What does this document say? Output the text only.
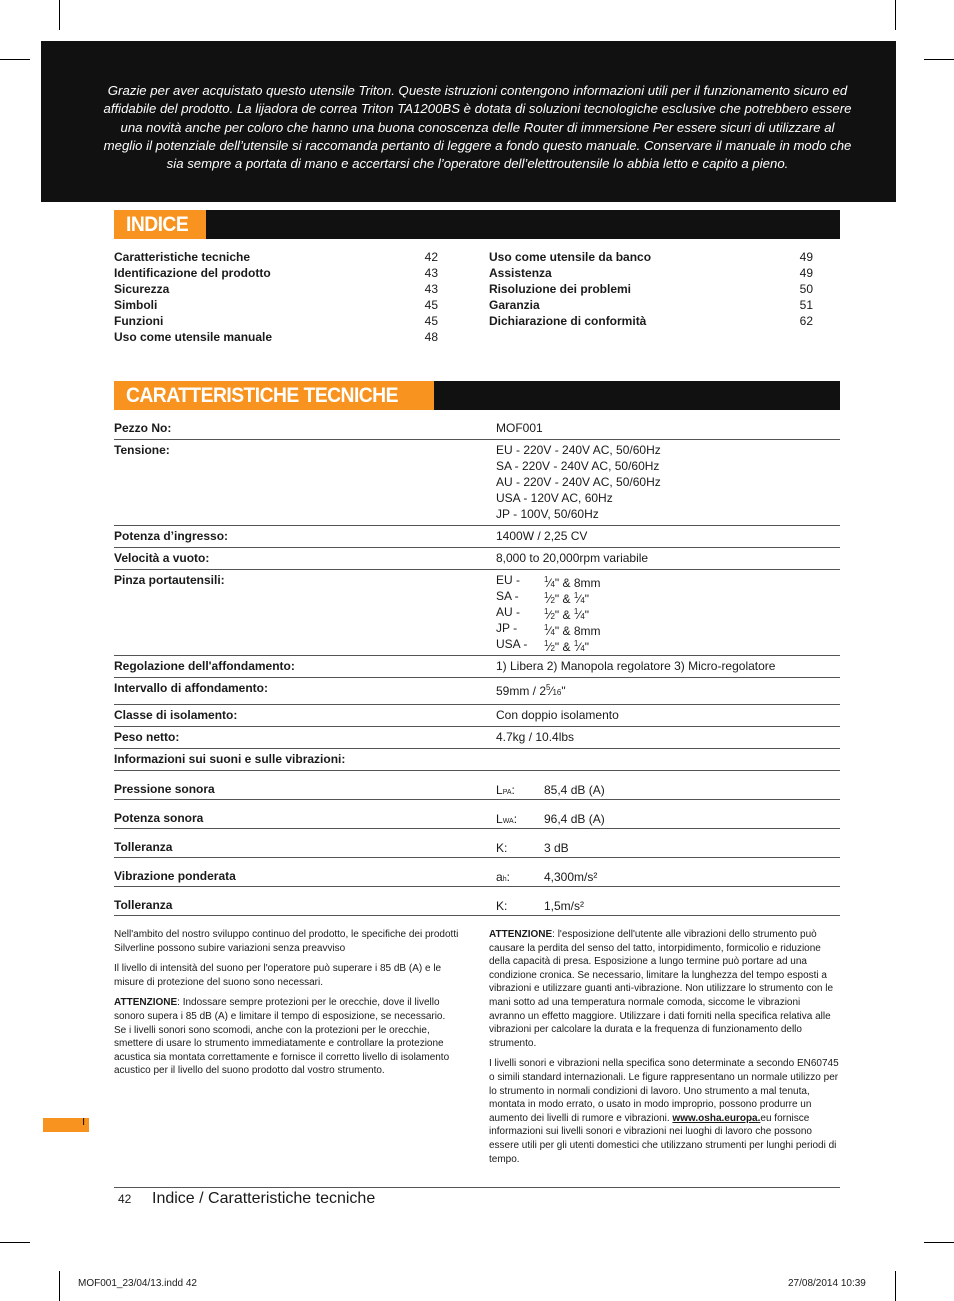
Grazie per aver acquistato questo utensile Triton. Queste istruzioni contengono informazioni utili per il funzionamento sicuro ed affidabile del prodotto. La lijadora de correa Triton TA1200BS è dotata di soluzioni tecnologiche esclusive che potrebbero essere una novità anche per coloro che hanno una buona conoscenza delle Router di immersione Per essere sicuri di utilizzare al meglio il potenziale dell’utensile si raccomanda pertanto di leggere a fondo questo manuale. Conservare il manuale in modo che sia sempre a portata di mano e accertarsi che l’operatore dell’elettroutensile lo abbia letto e capito a pieno.
INDICE
Caratteristiche tecniche	42
Identificazione del prodotto	43
Sicurezza	43
Simboli	45
Funzioni	45
Uso come utensile manuale	48
Uso come utensile da banco	49
Assistenza	49
Risoluzione dei problemi	50
Garanzia	51
Dichiarazione di conformità	62
CARATTERISTICHE TECNICHE
Pezzo No:	MOF001
Tensione:	EU - 220V - 240V AC, 50/60Hz
SA - 220V - 240V AC, 50/60Hz
AU - 220V - 240V AC, 50/60Hz
USA - 120V AC, 60Hz
JP - 100V, 50/60Hz
Potenza d’ingresso:	1400W / 2,25 CV
Velocità a vuoto:	8,000 to 20,000rpm variabile
Pinza portautensili:	EU -	$^1$⁄4" & 8mm
SA -	$^1$⁄2" & $^1$⁄4"
AU -	$^1$⁄2" & $^1$⁄4"
JP -	$^1$⁄4" & 8mm
USA -	$^1$⁄2" & $^1$⁄4"
Regolazione dell'affondamento:	1) Libera 2) Manopola regolatore 3) Micro-regolatore
Intervallo di affondamento:	$59mm / 2^5⁄16$"
Classe di isolamento:	Con doppio isolamento
Peso netto:	4.7kg / 10.4lbs
Informazioni sui suoni e sulle vibrazioni:
Pressione sonora	LPA:	85,4 dB (A)
Potenza sonora	LWA:	96,4 dB (A)
Tolleranza	K:	3 dB
Vibrazione ponderata	ah:	4,300m/s²
Tolleranza	K:	1,5m/s²

Nell'ambito del nostro sviluppo continuo del prodotto, le specifiche dei prodotti Silverline possono subire variazioni senza preavviso

Il livello di intensità del suono per l'operatore può superare i 85 dB (A) e le misure di protezione del suono sono necessari.

ATTENZIONE: Indossare sempre protezioni per le orecchie, dove il livello sonoro supera i 85 dB (A) e limitare il tempo di esposizione, se necessario. Se i livelli sonori sono scomodi, anche con la protezioni per le orecchie, smettere di usare lo strumento immediatamente e controllare la protezione acustica sia montata correttamente e fornisce il corretto livello di isolamento acustico per il livello del suono prodotto dal vostro strumento.

ATTENZIONE: l'esposizione dell'utente alle vibrazioni dello strumento può causare la perdita del senso del tatto, intorpidimento, formicolio e riduzione della capacità di presa. Esposizione a lungo termine può portare ad una condizione cronica. Se necessario, limitare la lunghezza del tempo esposti a vibrazioni e utilizzare guanti anti-vibrazione. Non utilizzare lo strumento con le mani sotto ad una temperatura normale comoda, siccome le vibrazioni avranno un effetto maggiore. Utilizzare i dati forniti nella specifica relativa alle vibrazioni per calcolare la durata e la frequenza di funzionamento dello strumento.

I livelli sonori e vibrazioni nella specifica sono determinate a secondo EN60745 o simili standard internazionali. Le figure rappresentano un normale utilizzo per lo strumento in normali condizioni di lavoro. Uno strumento a mal tenuta, montata in modo errato, o usato in modo improprio, possono produrre un aumento dei livelli di rumore e vibrazioni. www.osha.europa.eu fornisce informazioni sui livelli sonori e vibrazioni nei luoghi di lavoro che possono essere utili per gli utenti domestici che utilizzano strumenti per lunghi periodi di tempo.

I
42 Indice / Caratteristiche tecniche
MOF001_23/04/13.indd 42	27/08/2014 10:39
